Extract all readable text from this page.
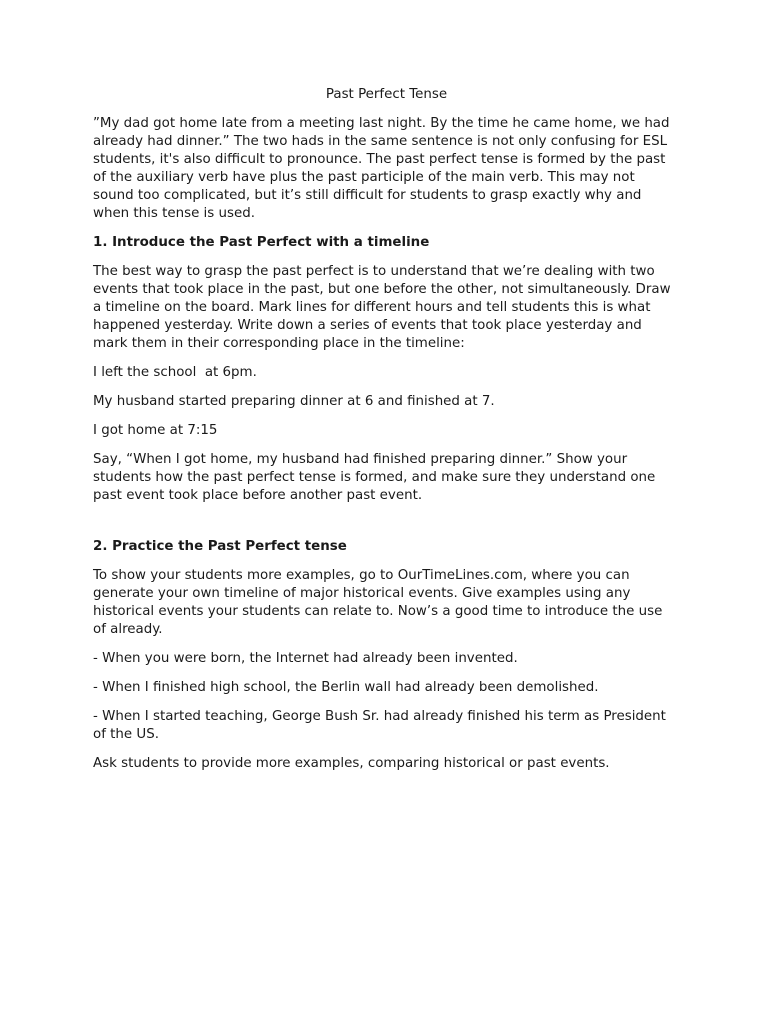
Past Perfect Tense

”My dad got home late from a meeting last night. By the time he came home, we had already had dinner.” The two hads in the same sentence is not only confusing for ESL students, it's also difficult to pronounce. The past perfect tense is formed by the past of the auxiliary verb have plus the past participle of the main verb. This may not sound too complicated, but it’s still difficult for students to grasp exactly why and when this tense is used.

1. Introduce the Past Perfect with a timeline

The best way to grasp the past perfect is to understand that we’re dealing with two events that took place in the past, but one before the other, not simultaneously. Draw a timeline on the board. Mark lines for different hours and tell students this is what happened yesterday. Write down a series of events that took place yesterday and mark them in their corresponding place in the timeline:

I left the school  at 6pm.

My husband started preparing dinner at 6 and finished at 7.

I got home at 7:15

Say, “When I got home, my husband had finished preparing dinner.” Show your students how the past perfect tense is formed, and make sure they understand one past event took place before another past event.

2. Practice the Past Perfect tense

To show your students more examples, go to OurTimeLines.com, where you can generate your own timeline of major historical events. Give examples using any historical events your students can relate to. Now’s a good time to introduce the use of already.

- When you were born, the Internet had already been invented.

- When I finished high school, the Berlin wall had already been demolished.

- When I started teaching, George Bush Sr. had already finished his term as President of the US.

Ask students to provide more examples, comparing historical or past events.
